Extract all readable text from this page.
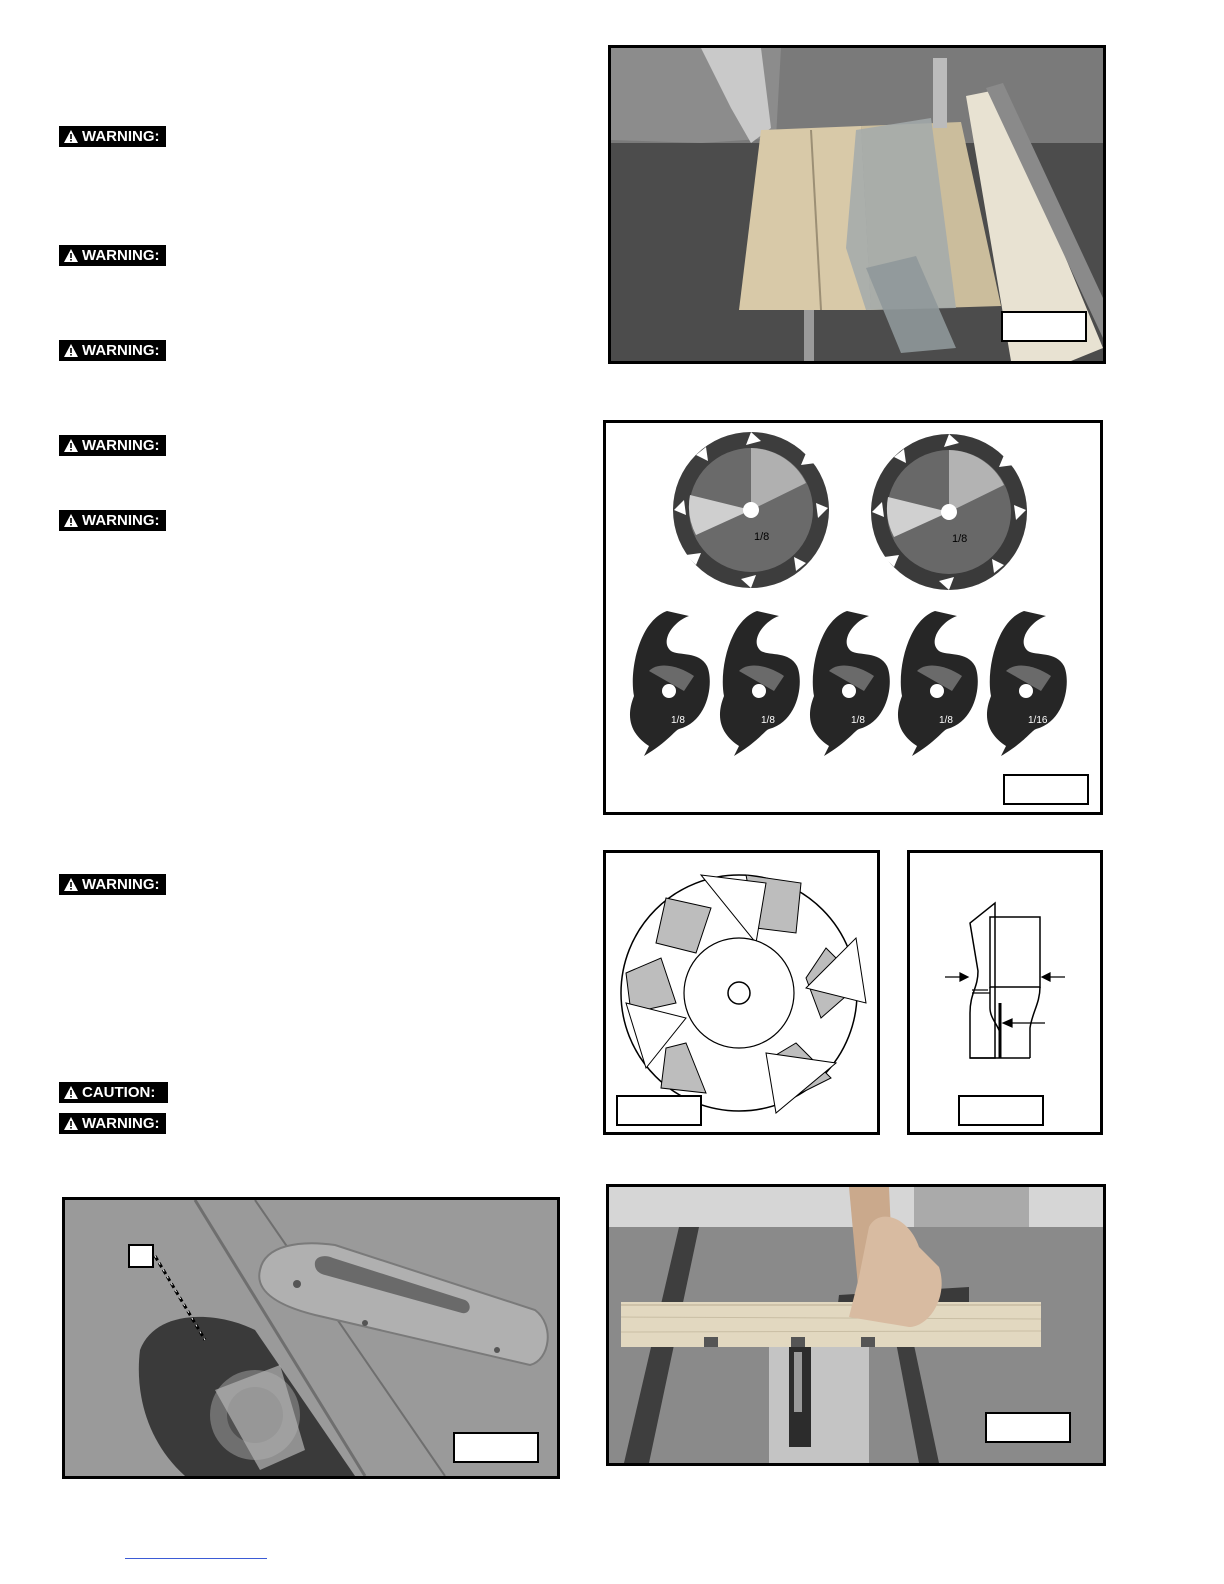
WARNING:
WARNING:
WARNING:
WARNING:
WARNING:
WARNING:
CAUTION:
WARNING:
1/8	1/8
1/8	1/8	1/8	1/8	1/16
